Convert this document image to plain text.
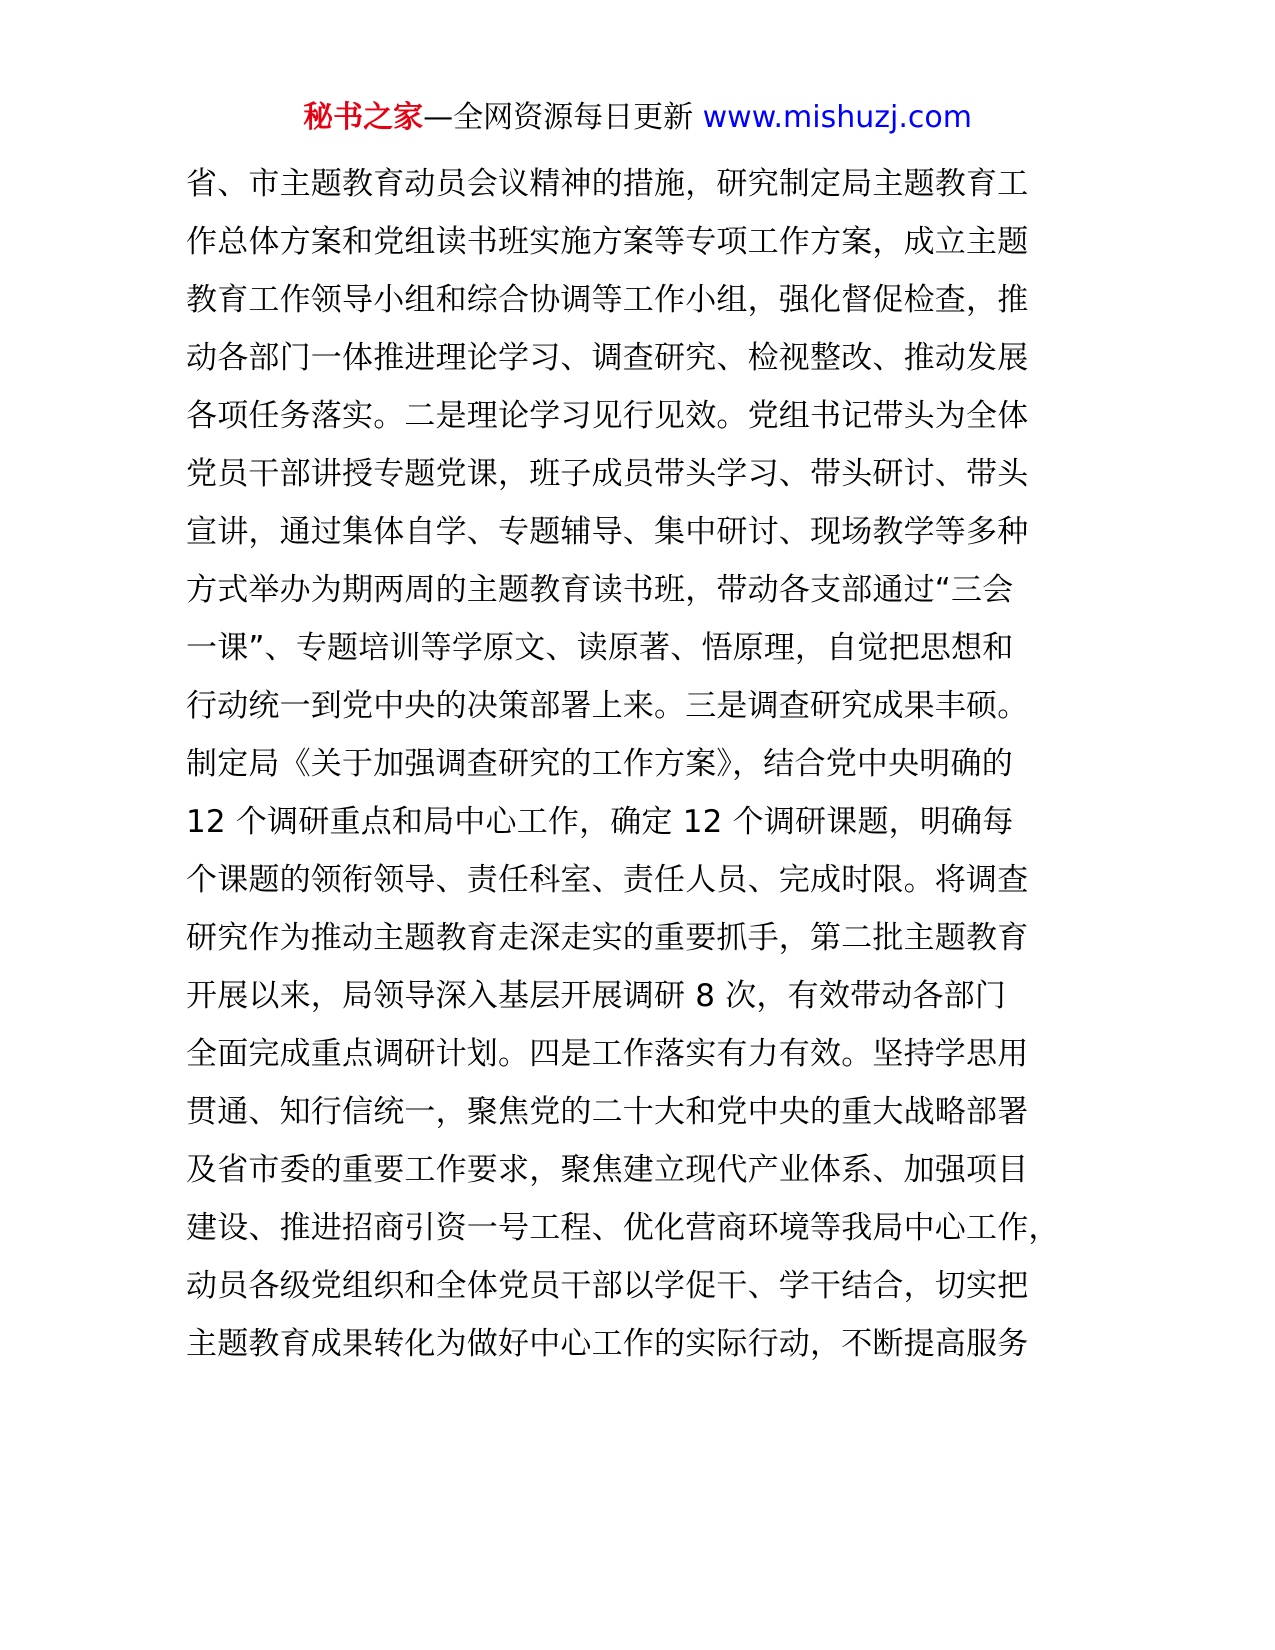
秘书之家—全网资源每日更新 www.mishuzj.com
省、市主题教育动员会议精神的措施，研究制定局主题教育工
作总体方案和党组读书班实施方案等专项工作方案，成立主题
教育工作领导小组和综合协调等工作小组，强化督促检查，推
动各部门一体推进理论学习、调查研究、检视整改、推动发展
各项任务落实。二是理论学习见行见效。党组书记带头为全体
党员干部讲授专题党课，班子成员带头学习、带头研讨、带头
宣讲，通过集体自学、专题辅导、集中研讨、现场教学等多种
方式举办为期两周的主题教育读书班，带动各支部通过“三会
一课”、专题培训等学原文、读原著、悟原理，自觉把思想和
行动统一到党中央的决策部署上来。三是调查研究成果丰硕。
制定局《关于加强调查研究的工作方案》，结合党中央明确的
12 个调研重点和局中心工作，确定 12 个调研课题，明确每
个课题的领衔领导、责任科室、责任人员、完成时限。将调查
研究作为推动主题教育走深走实的重要抓手，第二批主题教育
开展以来，局领导深入基层开展调研 8 次，有效带动各部门
全面完成重点调研计划。四是工作落实有力有效。坚持学思用
贯通、知行信统一，聚焦党的二十大和党中央的重大战略部署
及省市委的重要工作要求，聚焦建立现代产业体系、加强项目
建设、推进招商引资一号工程、优化营商环境等我局中心工作，
动员各级党组织和全体党员干部以学促干、学干结合，切实把
主题教育成果转化为做好中心工作的实际行动，不断提高服务
